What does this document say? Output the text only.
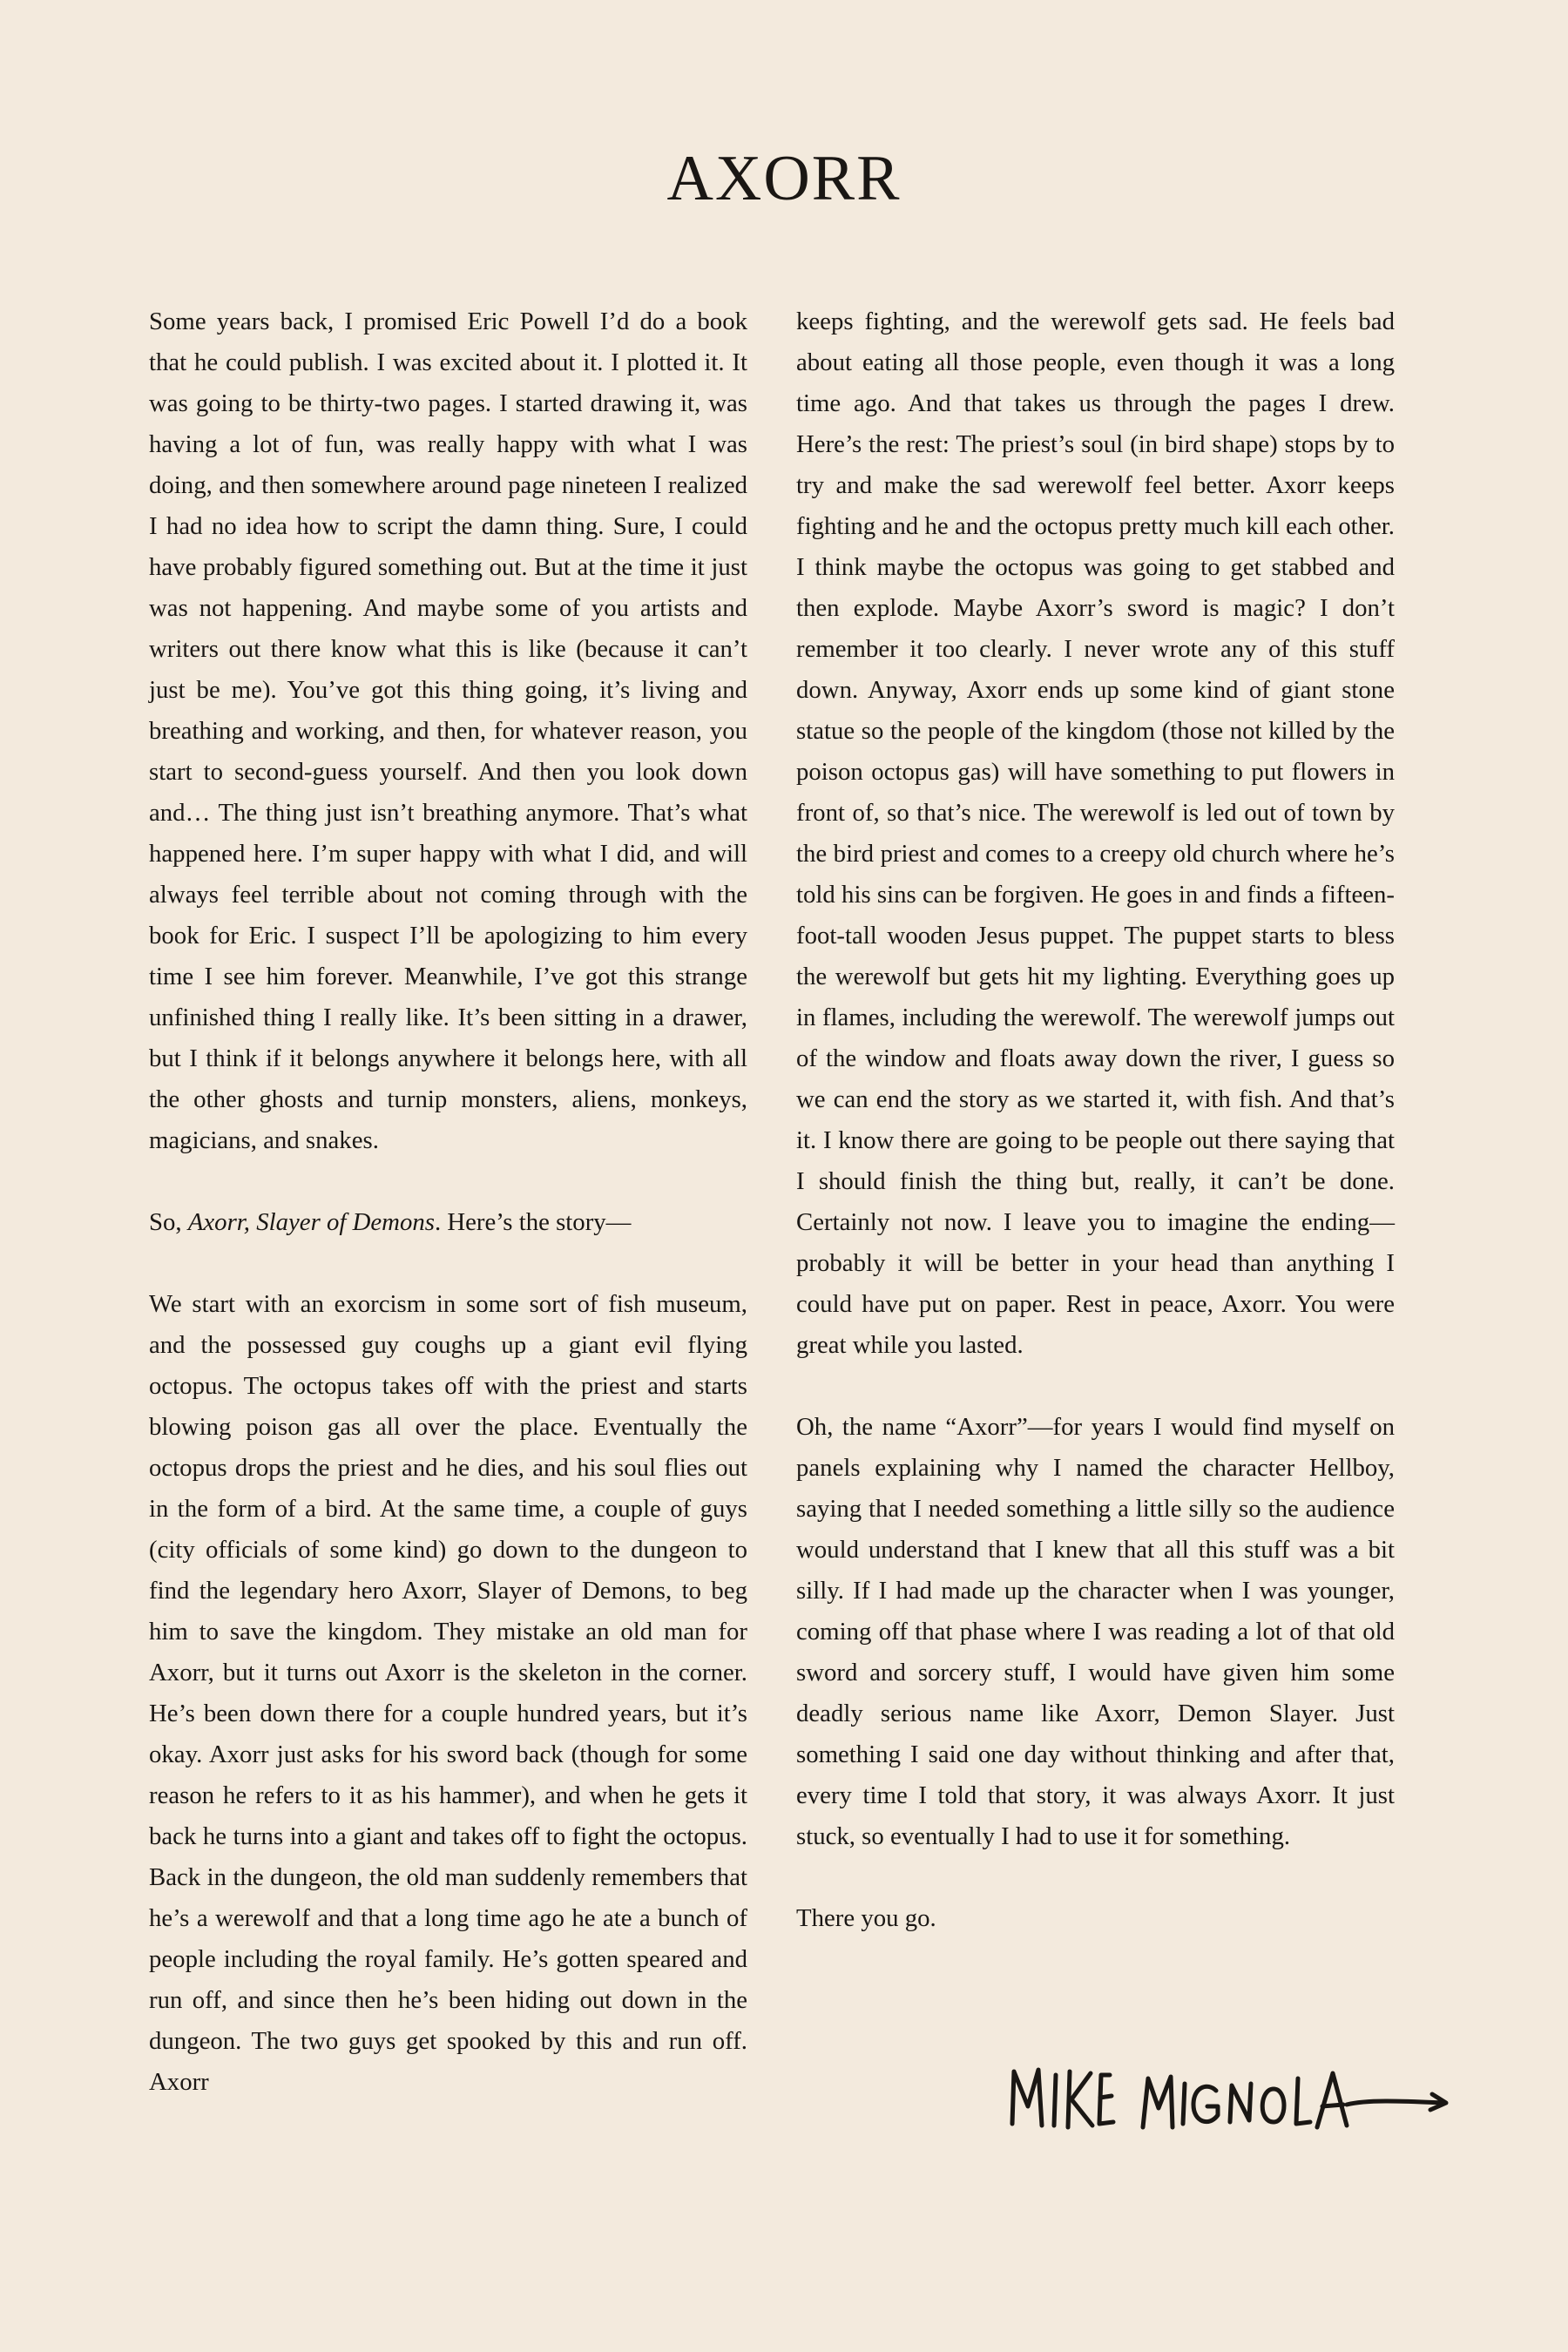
AXORR

Some years back, I promised Eric Powell I’d do a book that he could publish. I was excited about it. I plotted it. It was going to be thirty-two pages. I started drawing it, was having a lot of fun, was really happy with what I was doing, and then somewhere around page nineteen I realized I had no idea how to script the damn thing. Sure, I could have probably figured something out. But at the time it just was not happening. And maybe some of you artists and writers out there know what this is like (because it can’t just be me). You’ve got this thing going, it’s living and breathing and working, and then, for whatever reason, you start to second-guess yourself. And then you look down and… The thing just isn’t breathing anymore. That’s what happened here. I’m super happy with what I did, and will always feel terrible about not coming through with the book for Eric. I suspect I’ll be apologizing to him every time I see him forever. Meanwhile, I’ve got this strange unfinished thing I really like. It’s been sitting in a drawer, but I think if it belongs anywhere it belongs here, with all the other ghosts and turnip monsters, aliens, monkeys, magicians, and snakes.

So, Axorr, Slayer of Demons. Here’s the story—

We start with an exorcism in some sort of fish museum, and the possessed guy coughs up a giant evil flying octopus. The octopus takes off with the priest and starts blowing poison gas all over the place. Eventually the octopus drops the priest and he dies, and his soul flies out in the form of a bird. At the same time, a couple of guys (city officials of some kind) go down to the dungeon to find the legendary hero Axorr, Slayer of Demons, to beg him to save the kingdom. They mistake an old man for Axorr, but it turns out Axorr is the skeleton in the corner. He’s been down there for a couple hundred years, but it’s okay. Axorr just asks for his sword back (though for some reason he refers to it as his hammer), and when he gets it back he turns into a giant and takes off to fight the octopus. Back in the dungeon, the old man suddenly remembers that he’s a werewolf and that a long time ago he ate a bunch of people including the royal family. He’s gotten speared and run off, and since then he’s been hiding out down in the dungeon. The two guys get spooked by this and run off. Axorr

keeps fighting, and the werewolf gets sad. He feels bad about eating all those people, even though it was a long time ago. And that takes us through the pages I drew. Here’s the rest: The priest’s soul (in bird shape) stops by to try and make the sad werewolf feel better. Axorr keeps fighting and he and the octopus pretty much kill each other. I think maybe the octopus was going to get stabbed and then explode. Maybe Axorr’s sword is magic? I don’t remember it too clearly. I never wrote any of this stuff down. Anyway, Axorr ends up some kind of giant stone statue so the people of the kingdom (those not killed by the poison octopus gas) will have something to put flowers in front of, so that’s nice. The werewolf is led out of town by the bird priest and comes to a creepy old church where he’s told his sins can be forgiven. He goes in and finds a fifteen-foot-tall wooden Jesus puppet. The puppet starts to bless the werewolf but gets hit my lighting. Everything goes up in flames, including the werewolf. The werewolf jumps out of the window and floats away down the river, I guess so we can end the story as we started it, with fish. And that’s it. I know there are going to be people out there saying that I should finish the thing but, really, it can’t be done. Certainly not now. I leave you to imagine the ending—probably it will be better in your head than anything I could have put on paper. Rest in peace, Axorr. You were great while you lasted.

Oh, the name “Axorr”—for years I would find myself on panels explaining why I named the character Hellboy, saying that I needed something a little silly so the audience would understand that I knew that all this stuff was a bit silly. If I had made up the character when I was younger, coming off that phase where I was reading a lot of that old sword and sorcery stuff, I would have given him some deadly serious name like Axorr, Demon Slayer. Just something I said one day without thinking and after that, every time I told that story, it was always Axorr. It just stuck, so eventually I had to use it for something.

There you go.
